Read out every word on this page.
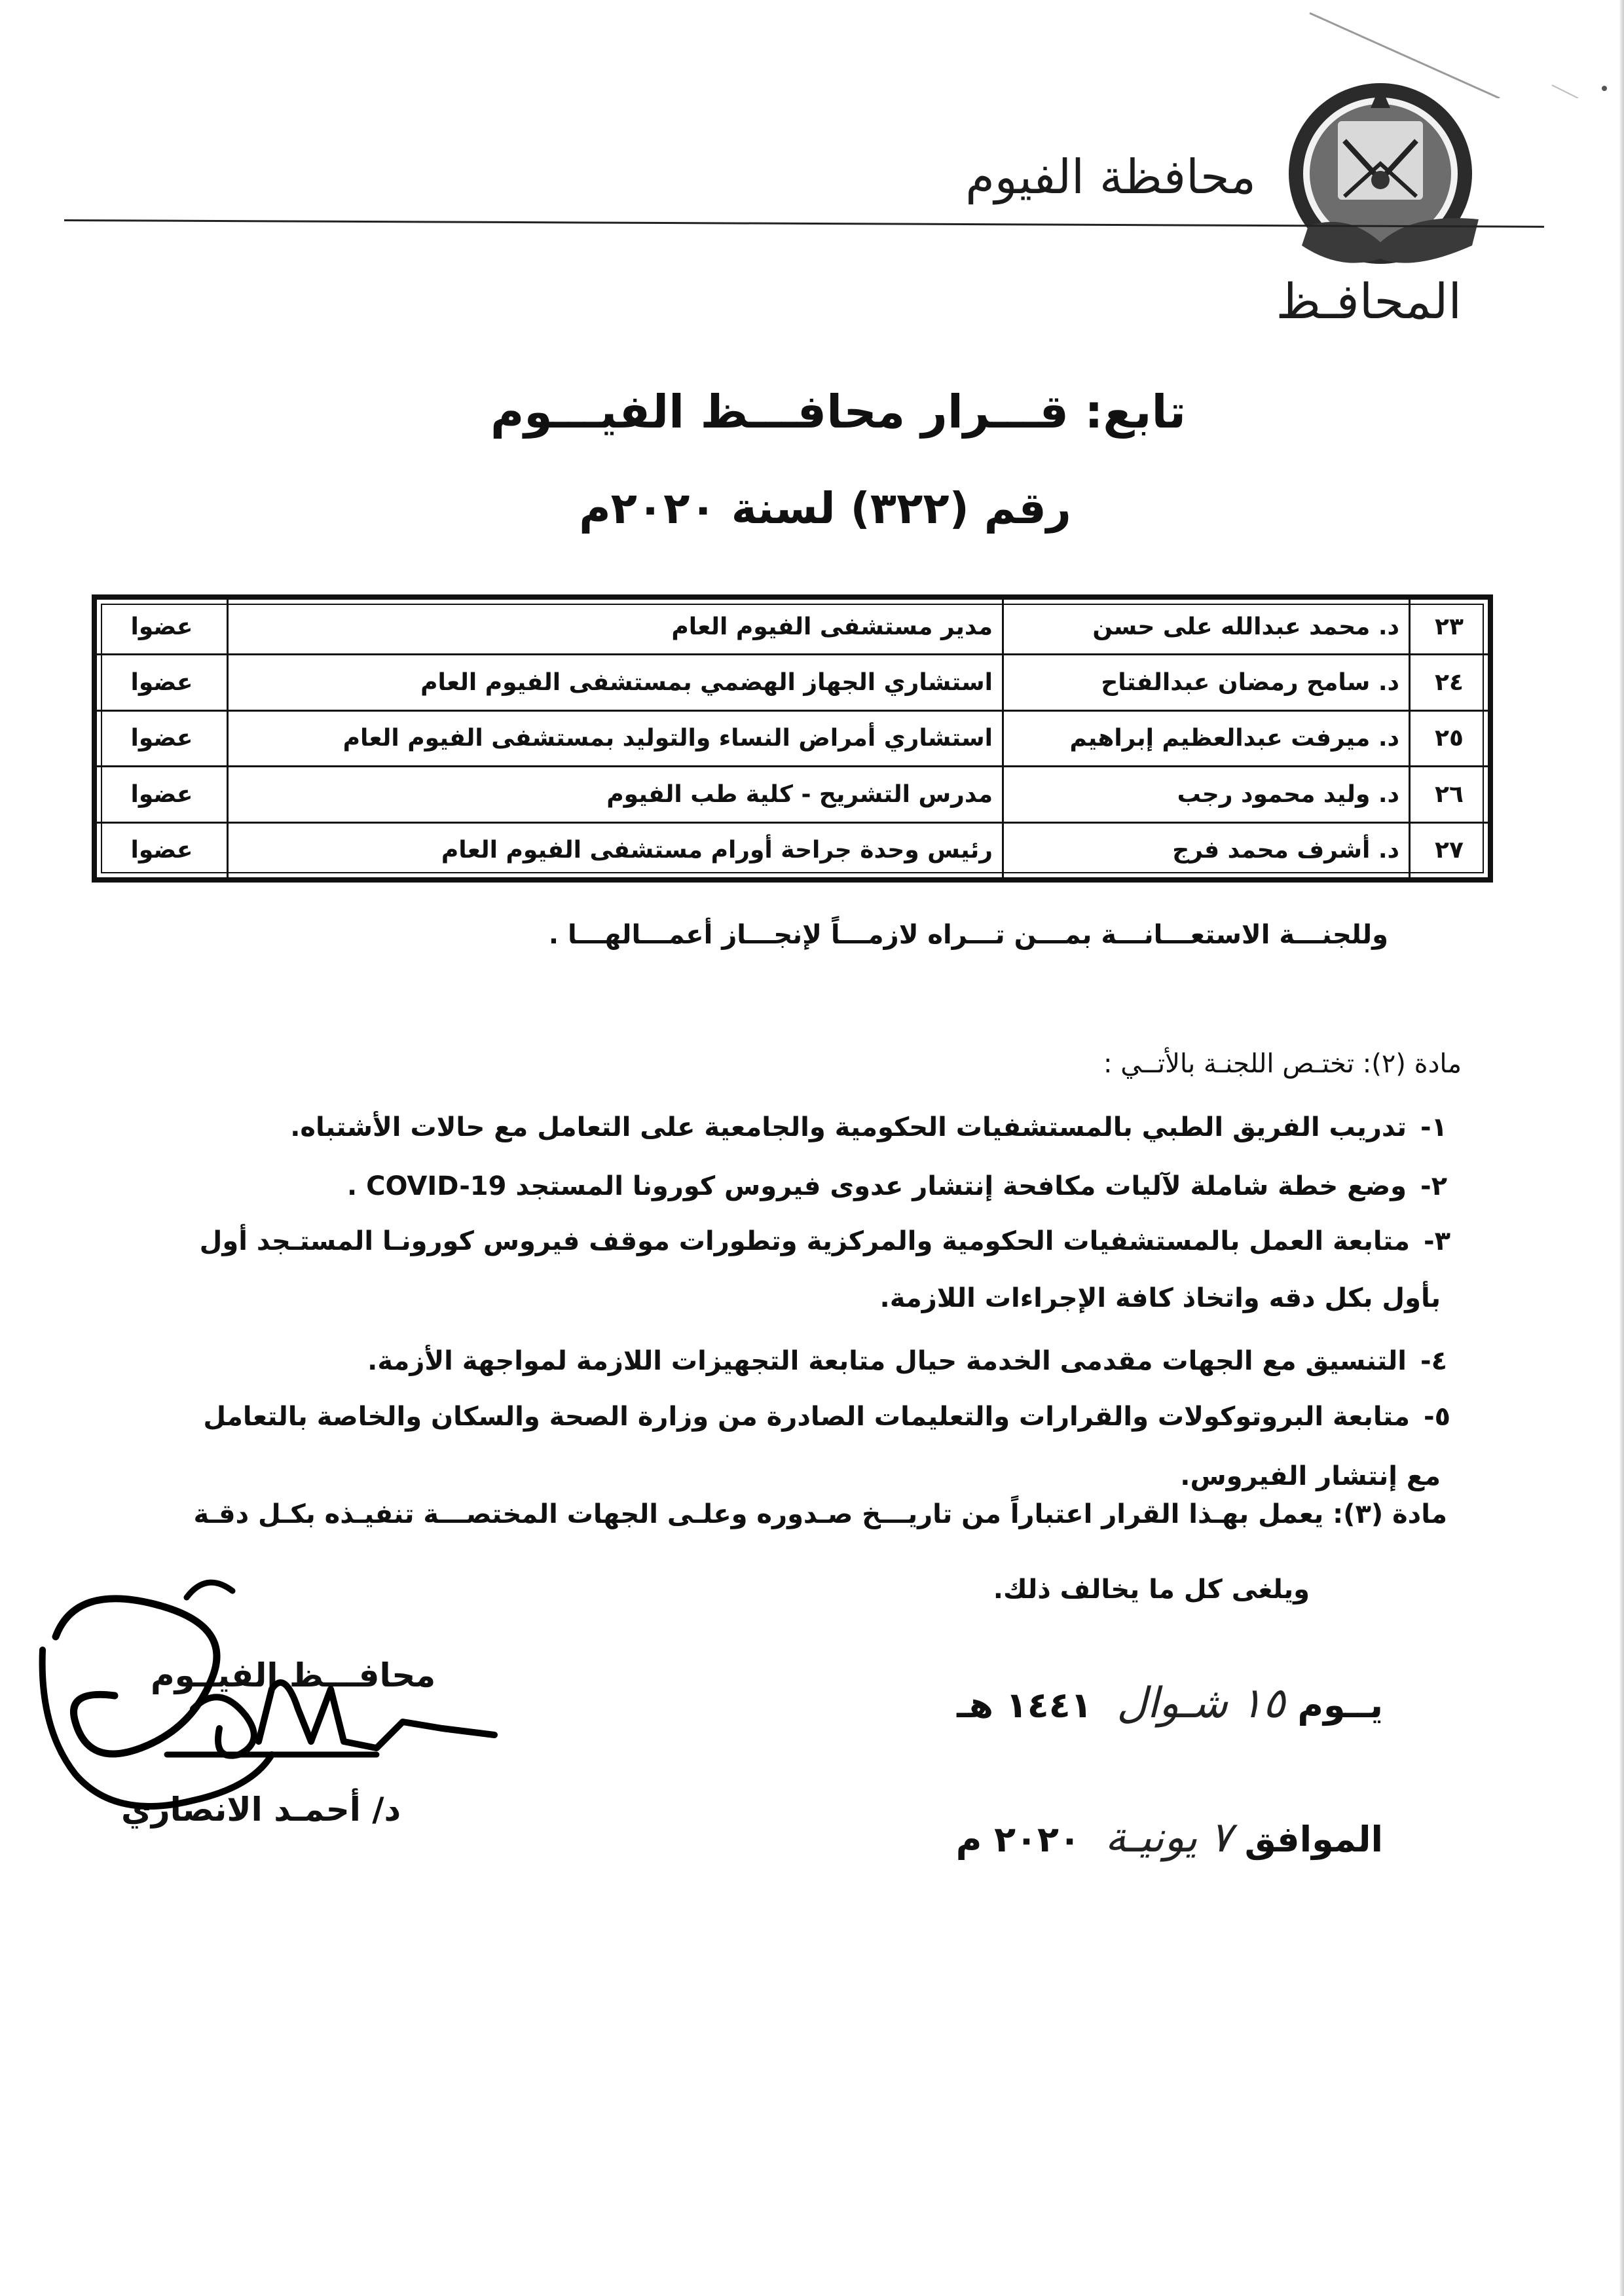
محافظة الفيوم
المحافـظ
تابع: قـــرار محافـــظ الفيـــوم
رقم (٣٢٢) لسنة ٢٠٢٠م
٢٣	د. محمد عبدالله على حسن	مدير مستشفى الفيوم العام	عضوا
٢٤	د. سامح رمضان عبدالفتاح	استشاري الجهاز الهضمي بمستشفى الفيوم العام	عضوا
٢٥	د. ميرفت عبدالعظيم إبراهيم	استشاري أمراض النساء والتوليد بمستشفى الفيوم العام	عضوا
٢٦	د. وليد محمود رجب	مدرس التشريح - كلية طب الفيوم	عضوا
٢٧	د. أشرف محمد فرج	رئيس وحدة جراحة أورام مستشفى الفيوم العام	عضوا
وللجنـــة الاستعـــانـــة بمـــن تـــراه لازمـــاً لإنجـــاز أعمـــالهـــا .
مادة (٢): تختـص اللجنـة بالأتــي :
١-تدريب الفريق الطبي بالمستشفيات الحكومية والجامعية على التعامل مع حالات الأشتباه.
٢-وضع خطة شاملة لآليات مكافحة إنتشار عدوى فيروس كورونا المستجد COVID-19 .
٣-متابعة العمل بالمستشفيات الحكومية والمركزية وتطورات موقف فيروس كورونـا المستـجد أول
بأول بكل دقه واتخاذ كافة الإجراءات اللازمة.
٤-التنسيق مع الجهات مقدمى الخدمة حيال متابعة التجهيزات اللازمة لمواجهة الأزمة.
٥-متابعة البروتوكولات والقرارات والتعليمات الصادرة من وزارة الصحة والسكان والخاصة بالتعامل
مع إنتشار الفيروس.
مادة (٣): يعمل بهـذا القرار اعتباراً من تاريـــخ صـدوره وعلـى الجهات المختصـــة تنفيـذه بكـل دقـة
ويلغى كل ما يخالف ذلك.
محافـــظ الفيــوم
د/ أحمـد الانصاري
يــوم ١٥ شـوال  ١٤٤١ هـ
الموافق ٧ يونيـة  ٢٠٢٠ م
